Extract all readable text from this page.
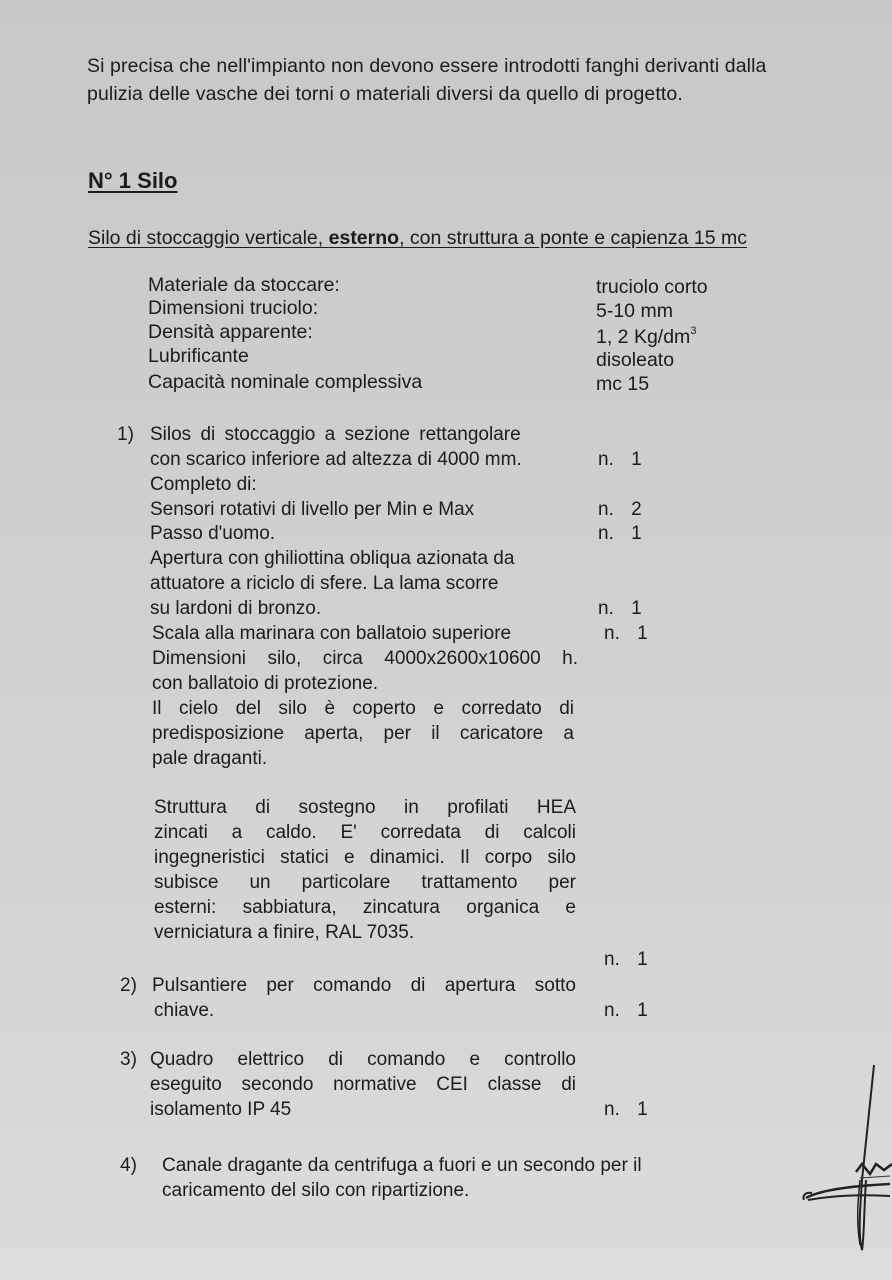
Si precisa che nell'impianto non devono essere introdotti fanghi derivanti dalla
pulizia delle vasche dei torni o materiali diversi da quello di progetto.
N° 1 Silo
Silo di stoccaggio verticale, esterno, con struttura a ponte e capienza 15 mc
Materiale da stoccare:	truciolo corto
Dimensioni truciolo:	5-10 mm
Densità apparente:	1, 2 $Kg/dm^3$
Lubrificante	disoleato
Capacità nominale complessiva	mc 15
1) Silos di stoccaggio a sezione rettangolare
con scarico inferiore ad altezza di 4000 mm.	n. 1
Completo di:
Sensori rotativi di livello per Min e Max	n. 2
Passo d'uomo.	n. 1
Apertura con ghiliottina obliqua azionata da
attuatore a riciclo di sfere. La lama scorre
su lardoni di bronzo.	n. 1
Scala alla marinara con ballatoio superiore	n. 1
Dimensioni silo, circa 4000x2600x10600 h.
con ballatoio di protezione.
Il cielo del silo è coperto e corredato di
predisposizione aperta, per il caricatore a
pale draganti.
Struttura di sostegno in profilati HEA
zincati a caldo. E' corredata di calcoli
ingegneristici statici e dinamici. Il corpo silo
subisce un particolare trattamento per
esterni: sabbiatura, zincatura organica e
verniciatura a finire, RAL 7035.
n. 1
2) Pulsantiere per comando di apertura sotto
chiave.	n. 1
3) Quadro elettrico di comando e controllo
eseguito secondo normative CEI classe di
isolamento IP 45	n. 1
4) Canale dragante da centrifuga a fuori e un secondo per il
caricamento del silo con ripartizione.
